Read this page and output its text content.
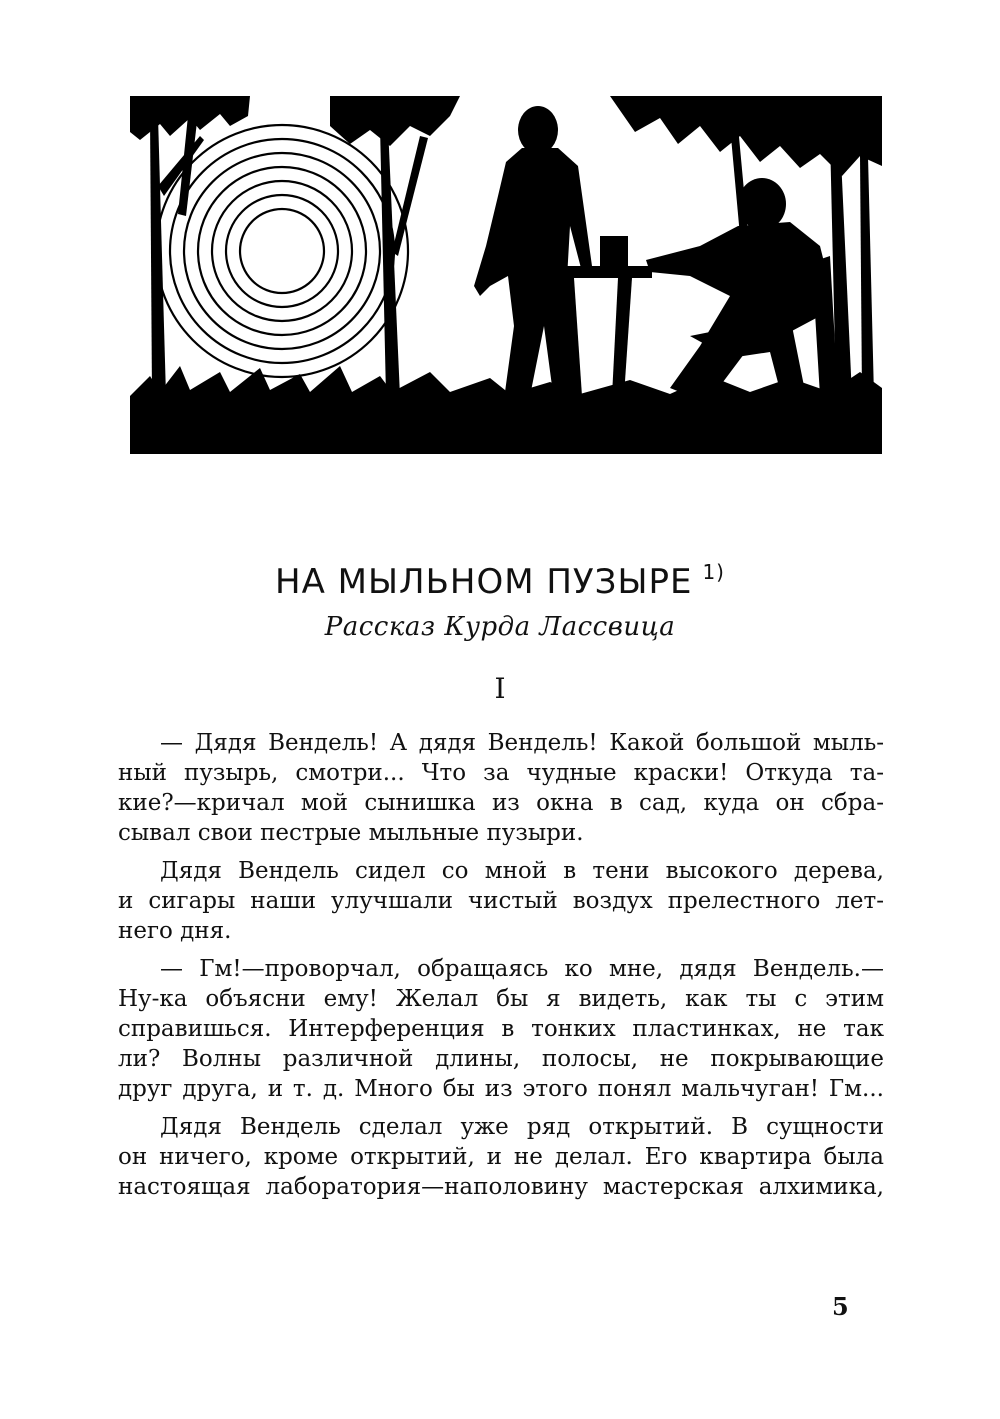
НА МЫЛЬНОМ ПУЗЫРЕ $^{1)}$
Рассказ Курда Лассвица
I
— Дядя Вендель! А дядя Вендель! Какой большой мыль-
ный пузырь, смотри... Что за чудные краски! Откуда та-
кие?—кричал мой сынишка из окна в сад, куда он сбра-
сывал свои пестрые мыльные пузыри.
Дядя Вендель сидел со мной в тени высокого дерева,
и сигары наши улучшали чистый воздух прелестного лет-
него дня.
— Гм!—проворчал, обращаясь ко мне, дядя Вендель.—
Ну-ка объясни ему! Желал бы я видеть, как ты с этим
справишься. Интерференция в тонких пластинках, не так
ли? Волны различной длины, полосы, не покрывающие
друг друга, и т. д. Много бы из этого понял мальчуган! Гм...
Дядя Вендель сделал уже ряд открытий. В сущности
он ничего, кроме открытий, и не делал. Его квартира была
настоящая лаборатория—наполовину мастерская алхимика,
5
